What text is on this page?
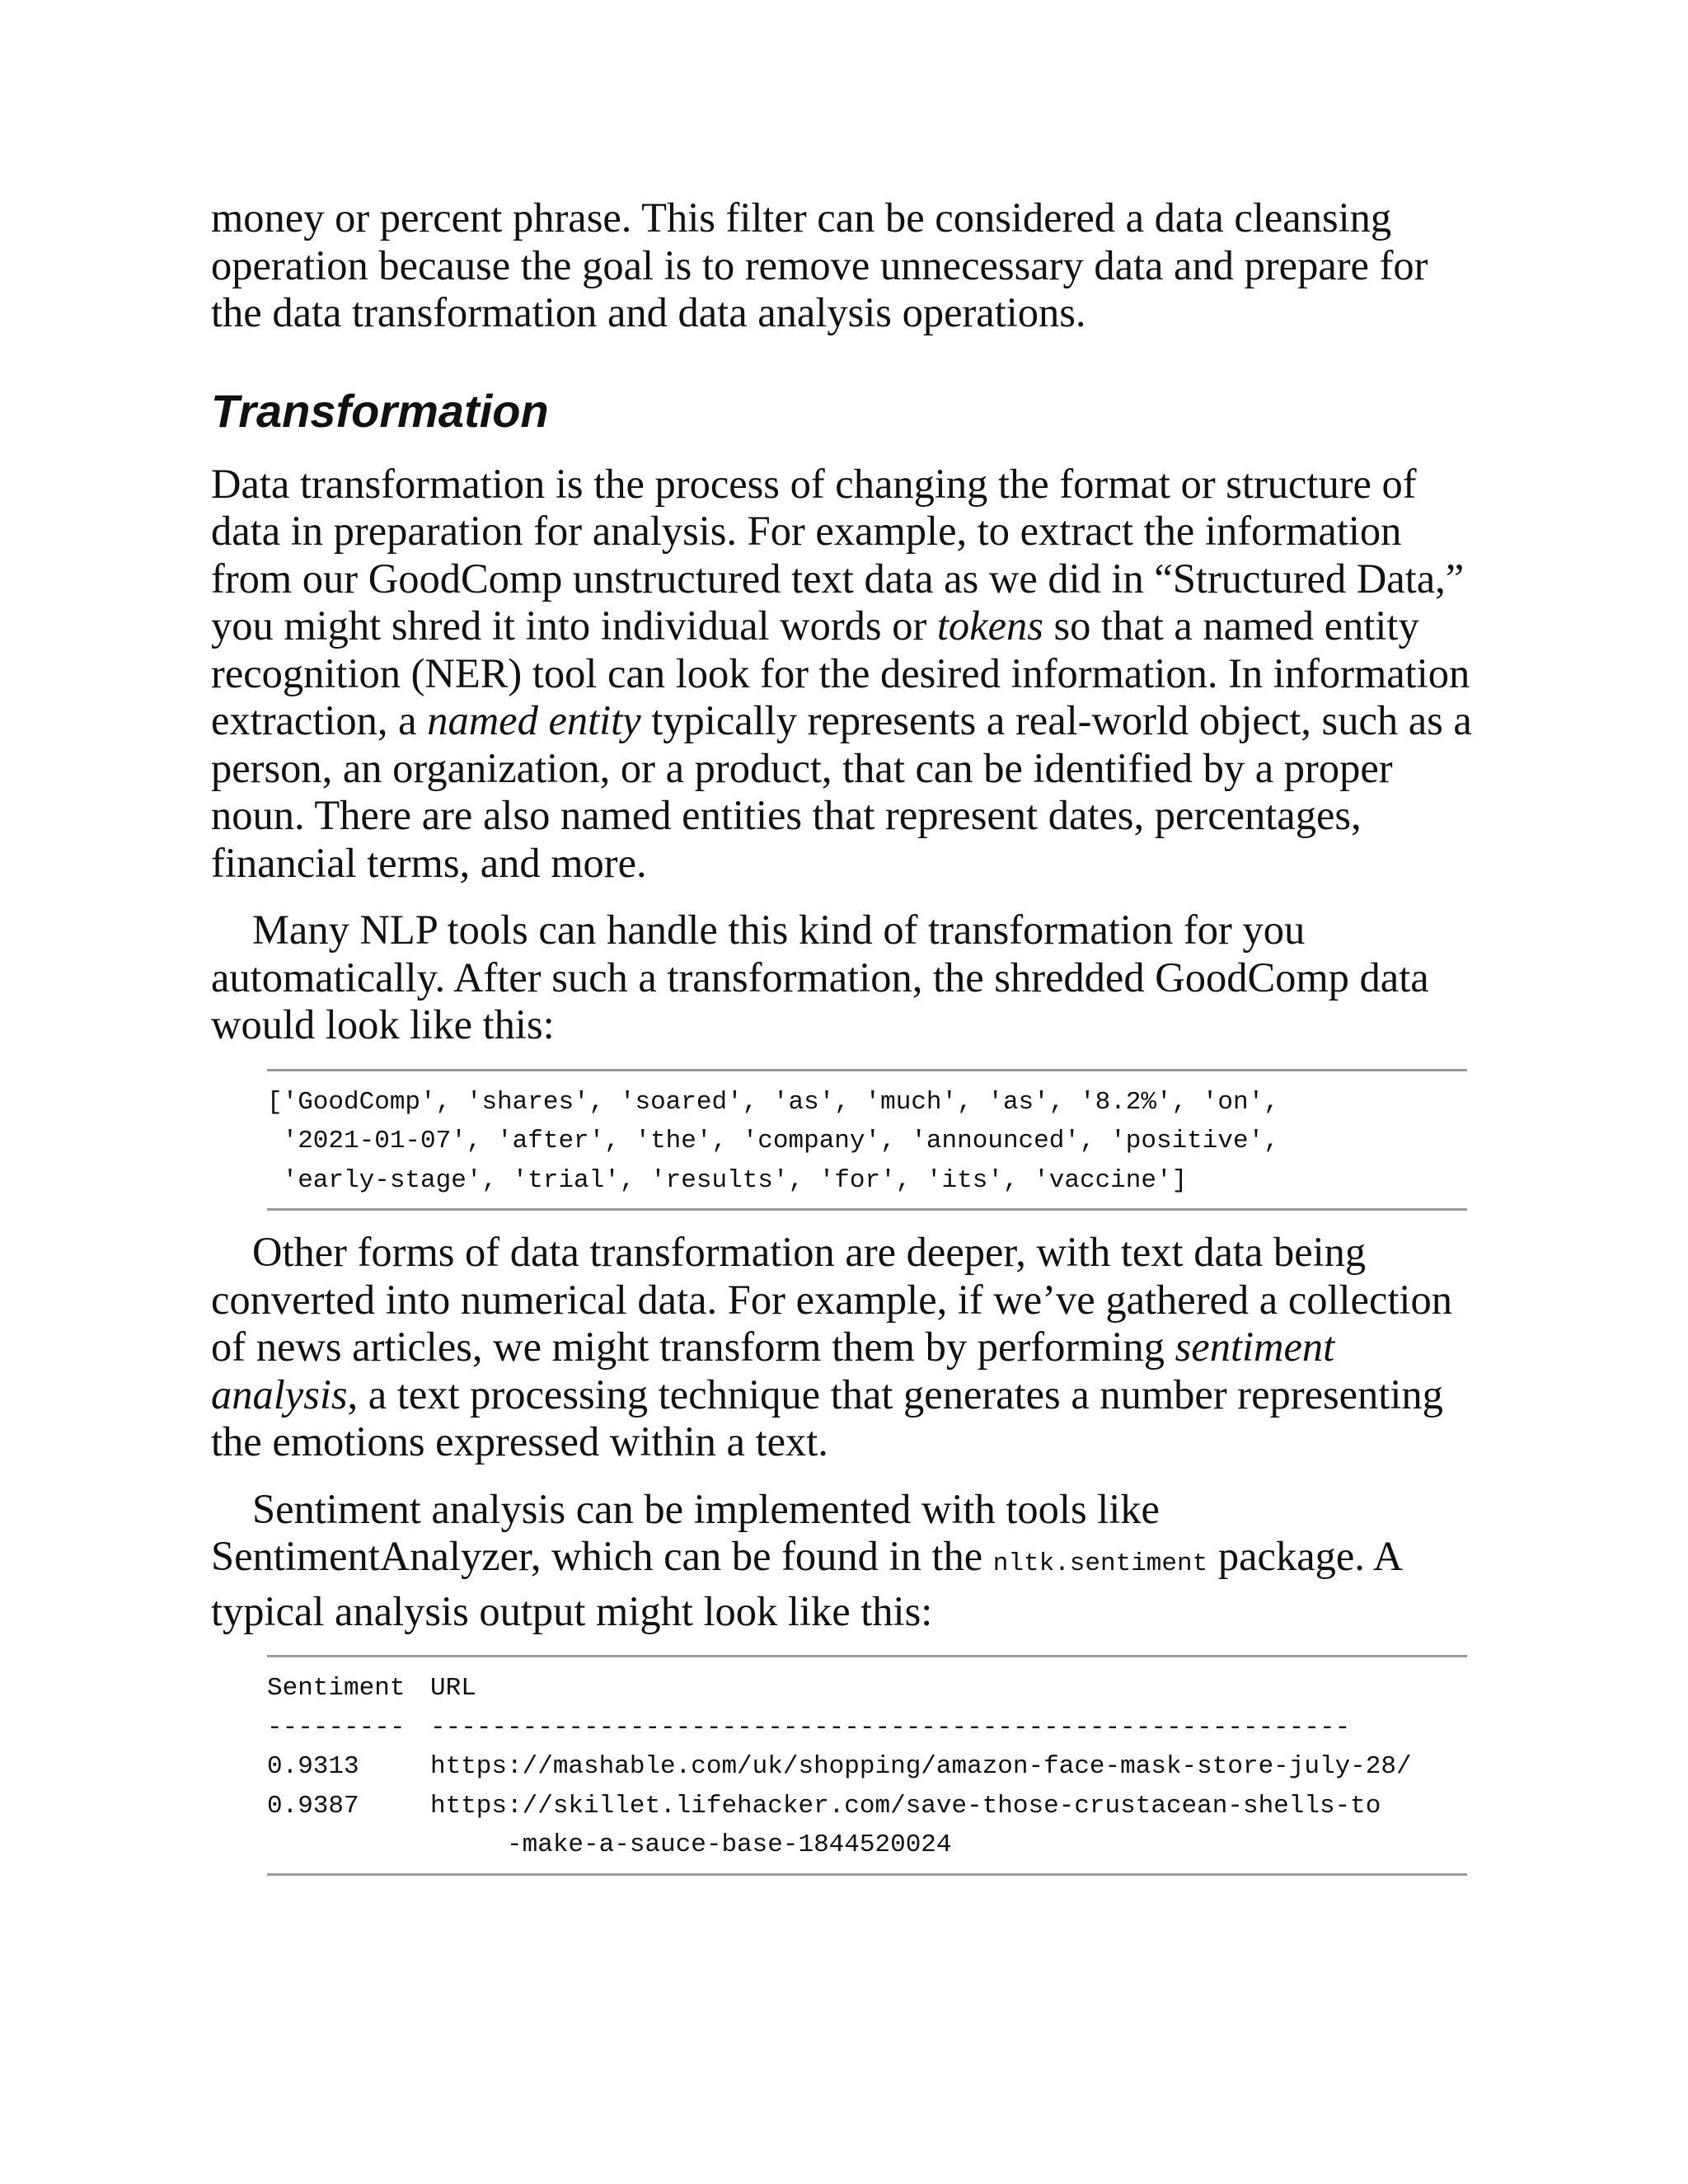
money or percent phrase. This filter can be considered a data cleansing

operation because the goal is to remove unnecessary data and prepare for

the data transformation and data analysis operations.

Transformation

Data transformation is the process of changing the format or structure of

data in preparation for analysis. For example, to extract the information

from our GoodComp unstructured text data as we did in “Structured Data,”

you might shred it into individual words or tokens so that a named entity

recognition (NER) tool can look for the desired information. In information

extraction, a named entity typically represents a real-world object, such as a

person, an organization, or a product, that can be identified by a proper

noun. There are also named entities that represent dates, percentages,

financial terms, and more.

Many NLP tools can handle this kind of transformation for you

automatically. After such a transformation, the shredded GoodComp data

would look like this:

['GoodComp', 'shares', 'soared', 'as', 'much', 'as', '8.2%', 'on',
'2021-01-07', 'after', 'the', 'company', 'announced', 'positive',
'early-stage', 'trial', 'results', 'for', 'its', 'vaccine']

Other forms of data transformation are deeper, with text data being

converted into numerical data. For example, if we’ve gathered a collection

of news articles, we might transform them by performing sentiment

analysis, a text processing technique that generates a number representing

the emotions expressed within a text.

Sentiment analysis can be implemented with tools like

SentimentAnalyzer, which can be found in the nltk.sentiment package. A

typical analysis output might look like this:

Sentiment URL
--------- ------------------------------------------------------------
0.9313	https://mashable.com/uk/shopping/amazon-face-mask-store-july-28/
0.9387	https://skillet.lifehacker.com/save-those-crustacean-shells-to
-make-a-sauce-base-1844520024
